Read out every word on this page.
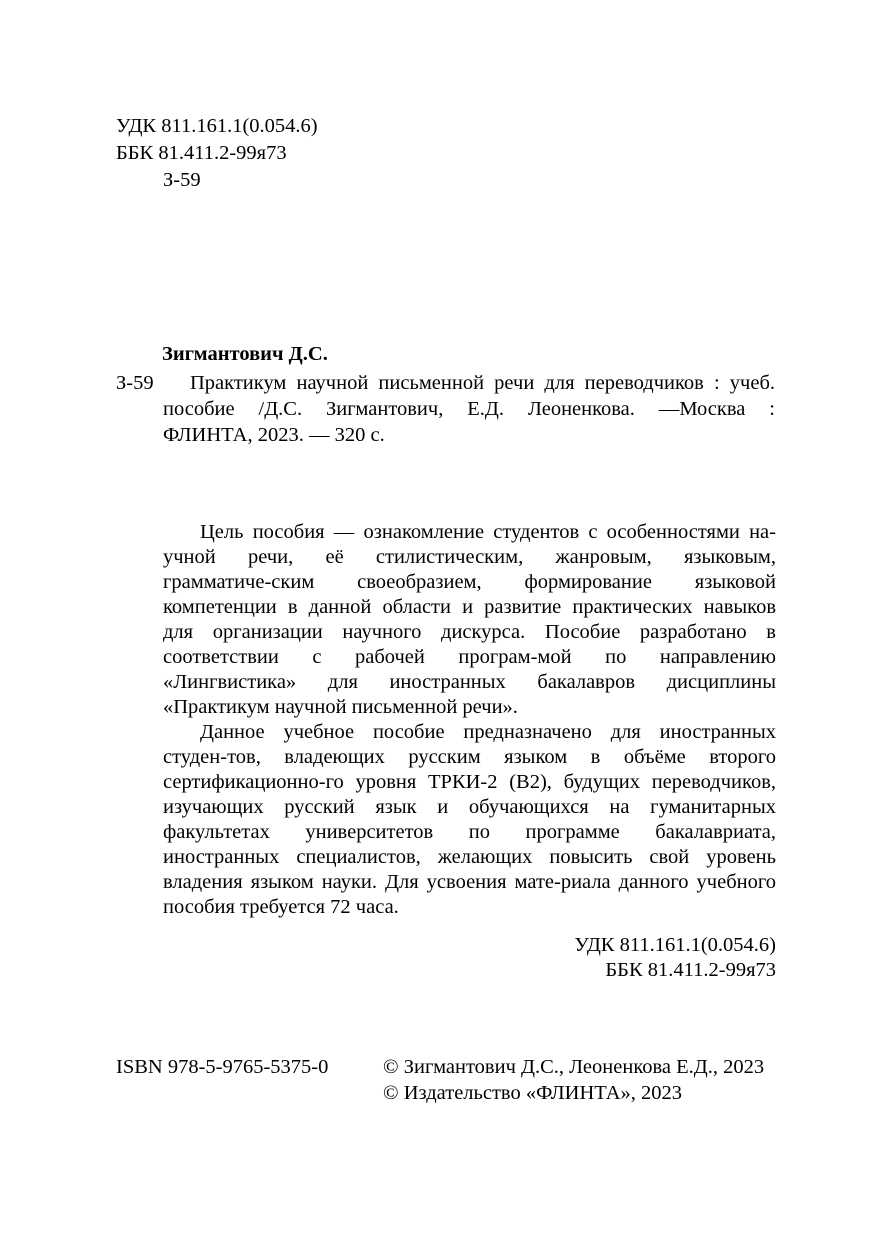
УДК 811.161.1(0.054.6)
ББК 81.411.2-99я73
З-59
Зигмантович Д.С.
З-59 Практикум научной письменной речи для переводчиков : учеб.
пособие /Д.С. Зигмантович, Е.Д. Леоненкова. —Москва :
ФЛИНТА, 2023. — 320 с.
Цель пособия — ознакомление студентов с особенностями на-
учной речи, её стилистическим, жанровым, языковым,
грамматиче-ским своеобразием, формирование языковой
компетенции в данной области и развитие практических навыков
для организации научного дискурса. Пособие разработано в
соответствии с рабочей програм-мой по направлению
«Лингвистика» для иностранных бакалавров дисциплины
«Практикум научной письменной речи».
Данное учебное пособие предназначено для иностранных
студен-тов, владеющих русским языком в объёме второго
сертификационно-го уровня ТРКИ-2 (В2), будущих переводчиков,
изучающих русский язык и обучающихся на гуманитарных
факультетах университетов по программе бакалавриата,
иностранных специалистов, желающих повысить свой уровень
владения языком науки. Для усвоения мате-риала данного учебного
пособия требуется 72 часа.
УДК 811.161.1(0.054.6)
ББК 81.411.2-99я73
ISBN 978-5-9765-5375-0	© Зигмантович Д.С., Леоненкова Е.Д., 2023
© Издательство «ФЛИНТА», 2023
